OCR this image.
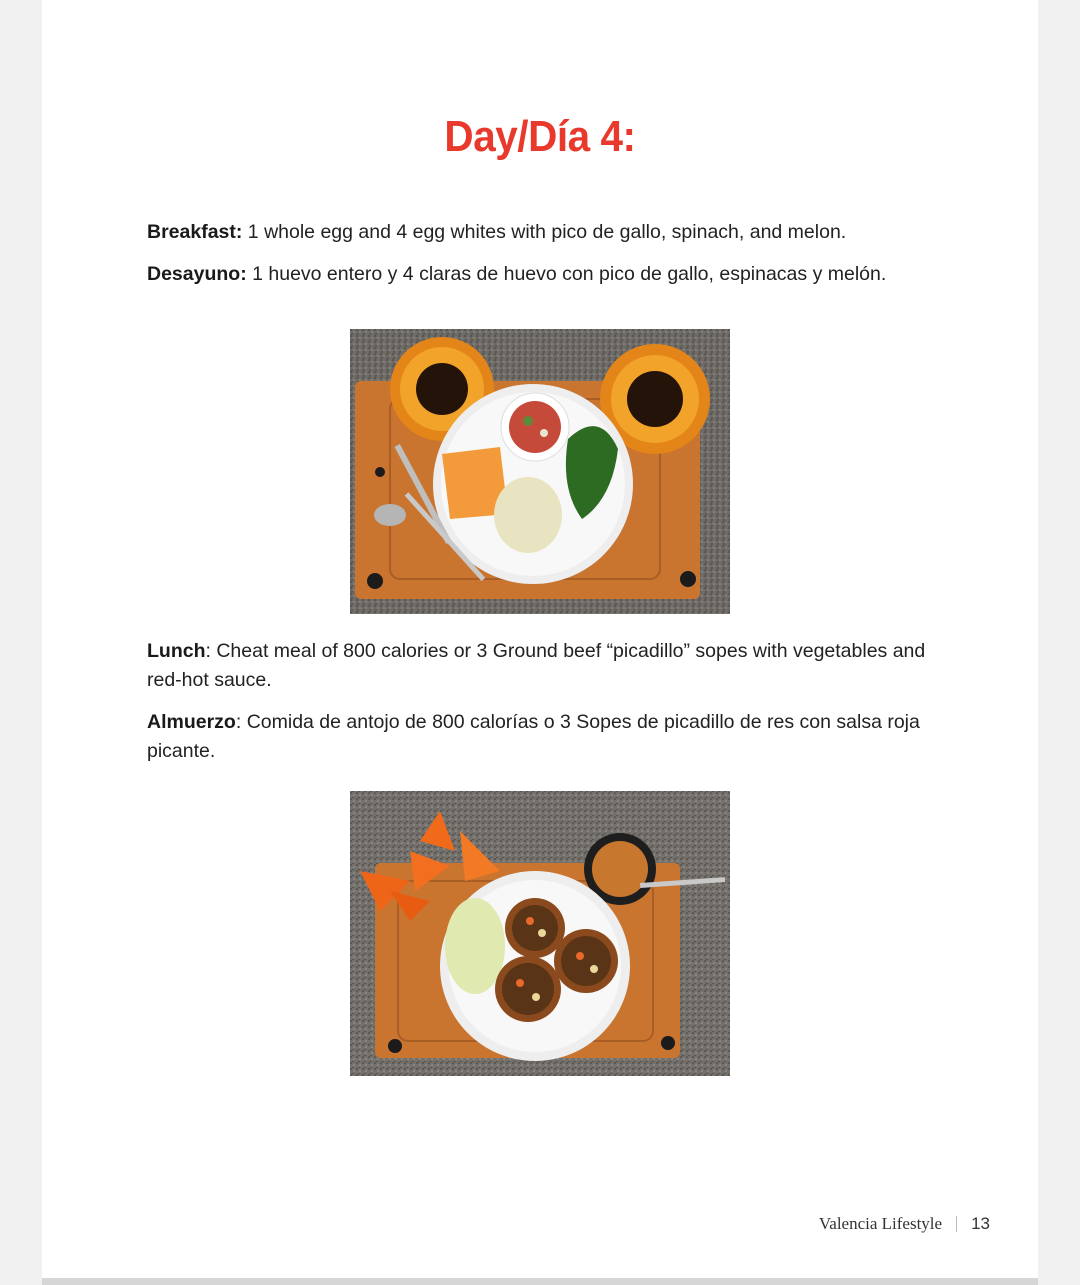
Day/Día 4:

Breakfast: 1 whole egg and 4 egg whites with pico de gallo, spinach, and melon.

Desayuno: 1 huevo entero y 4 claras de huevo con pico de gallo, espinacas y melón.

Lunch: Cheat meal of 800 calories or 3 Ground beef “picadillo” sopes with vegetables and red-hot sauce.

Almuerzo: Comida de antojo de 800 calorías o 3 Sopes de picadillo de res con salsa roja picante.

Valencia Lifestyle 13
